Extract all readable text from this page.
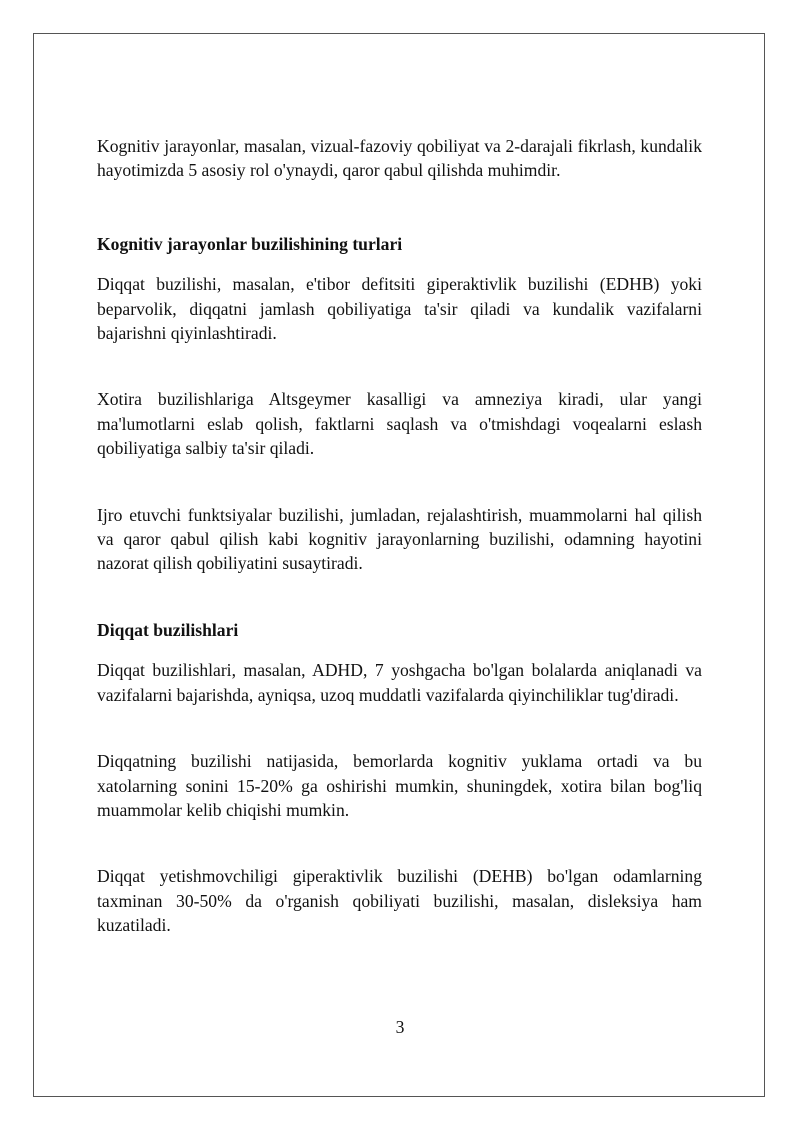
Kognitiv jarayonlar, masalan, vizual-fazoviy qobiliyat va 2-darajali fikrlash, kundalik hayotimizda 5 asosiy rol o'ynaydi, qaror qabul qilishda muhimdir.

Kognitiv jarayonlar buzilishining turlari

Diqqat buzilishi, masalan, e'tibor defitsiti giperaktivlik buzilishi (EDHB) yoki beparvolik, diqqatni jamlash qobiliyatiga ta'sir qiladi va kundalik vazifalarni bajarishni qiyinlashtiradi.

Xotira buzilishlariga Altsgeymer kasalligi va amneziya kiradi, ular yangi ma'lumotlarni eslab qolish, faktlarni saqlash va o'tmishdagi voqealarni eslash qobiliyatiga salbiy ta'sir qiladi.

Ijro etuvchi funktsiyalar buzilishi, jumladan, rejalashtirish, muammolarni hal qilish va qaror qabul qilish kabi kognitiv jarayonlarning buzilishi, odamning hayotini nazorat qilish qobiliyatini susaytiradi.

Diqqat buzilishlari

Diqqat buzilishlari, masalan, ADHD, 7 yoshgacha bo'lgan bolalarda aniqlanadi va vazifalarni bajarishda, ayniqsa, uzoq muddatli vazifalarda qiyinchiliklar tug'diradi.

Diqqatning buzilishi natijasida, bemorlarda kognitiv yuklama ortadi va bu xatolarning sonini 15-20% ga oshirishi mumkin, shuningdek, xotira bilan bog'liq muammolar kelib chiqishi mumkin.

Diqqat yetishmovchiligi giperaktivlik buzilishi (DEHB) bo'lgan odamlarning taxminan 30-50% da o'rganish qobiliyati buzilishi, masalan, disleksiya ham kuzatiladi.

3
